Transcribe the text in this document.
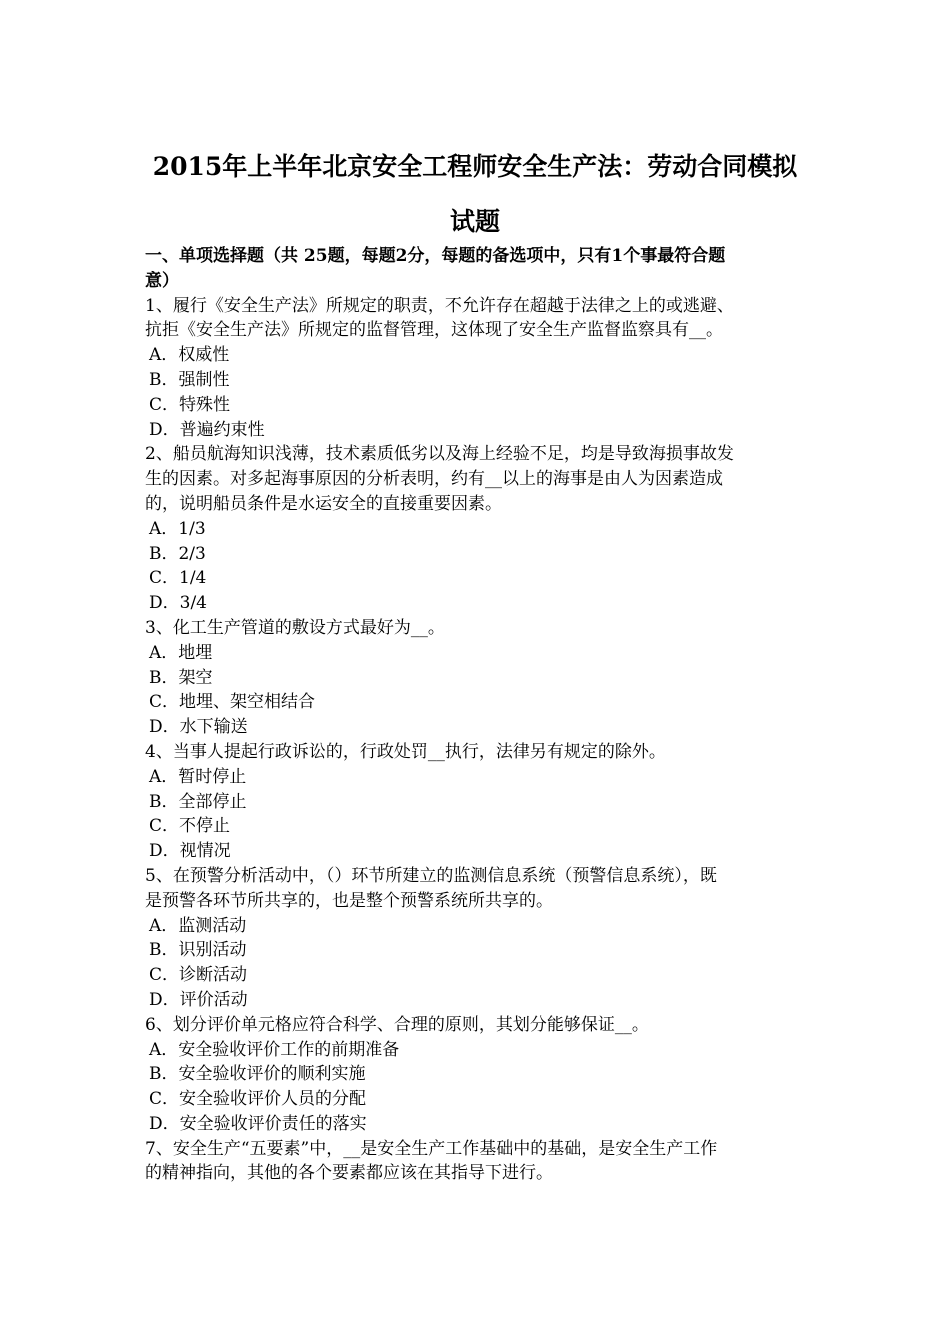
2015年上半年北京安全工程师安全生产法：劳动合同模拟
试题
一、单项选择题（共 25题，每题2分，每题的备选项中，只有1个事最符合题
意）
1、履行《安全生产法》所规定的职责，不允许存在超越于法律之上的或逃避、
抗拒《安全生产法》所规定的监督管理，这体现了安全生产监督监察具有__。
A．权威性
B．强制性
C．特殊性
D．普遍约束性
2、船员航海知识浅薄，技术素质低劣以及海上经验不足，均是导致海损事故发
生的因素。对多起海事原因的分析表明，约有__以上的海事是由人为因素造成
的，说明船员条件是水运安全的直接重要因素。
A．1/3
B．2/3
C．1/4
D．3/4
3、化工生产管道的敷设方式最好为__。
A．地埋
B．架空
C．地埋、架空相结合
D．水下输送
4、当事人提起行政诉讼的，行政处罚__执行，法律另有规定的除外。
A．暂时停止
B．全部停止
C．不停止
D．视情况
5、在预警分析活动中，（）环节所建立的监测信息系统（预警信息系统），既
是预警各环节所共享的，也是整个预警系统所共享的。
A．监测活动
B．识别活动
C．诊断活动
D．评价活动
6、划分评价单元格应符合科学、合理的原则，其划分能够保证__。
A．安全验收评价工作的前期准备
B．安全验收评价的顺利实施
C．安全验收评价人员的分配
D．安全验收评价责任的落实
7、安全生产“五要素”中，__是安全生产工作基础中的基础，是安全生产工作
的精神指向，其他的各个要素都应该在其指导下进行。
